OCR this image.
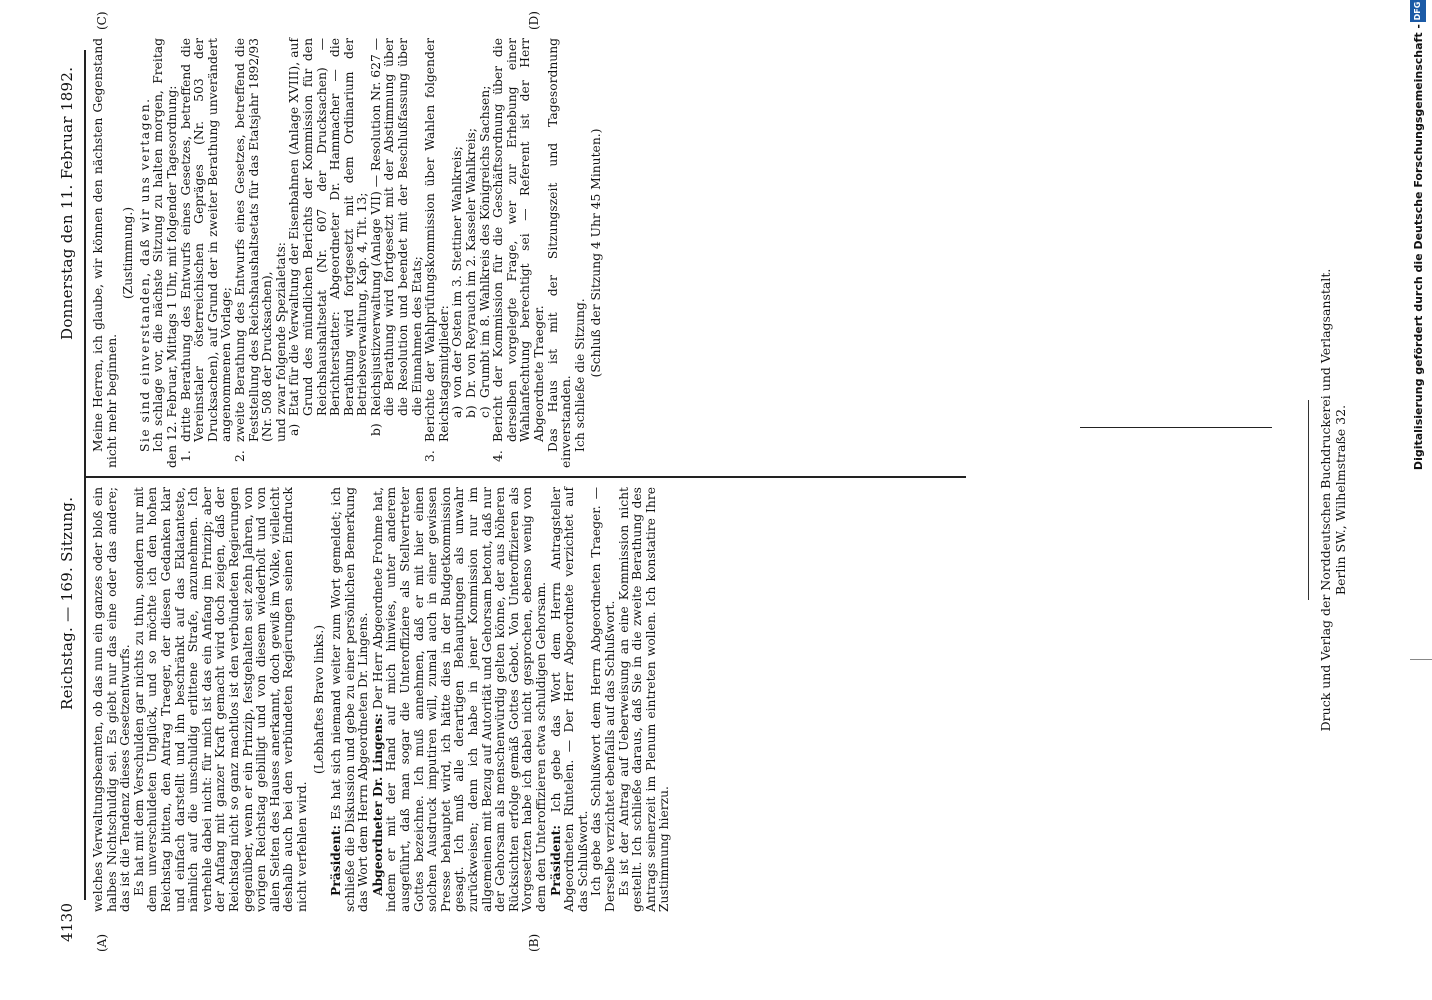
4130
Reichstag. — 169. Sitzung.
Donnerstag den 11. Februar 1892.
(A)	(B)
(C)	(D)

welches Verwaltungsbeamten, ob das nun ein ganzes oder bloß ein halbes Nichtschuldig sei. Es giebt nur das eine oder das andere; das ist die Tendenz dieses Gesetzentwurfs. Es hat mit dem Verschulden gar nichts zu thun, sondern nur mit dem unverschuldeten Unglück, und so möchte ich den hohen Reichstag bitten, den Antrag Traeger, der diesen Gedanken klar und einfach darstellt und ihn beschränkt auf das Eklatanteste, nämlich auf die unschuldig erlittene Strafe, anzunehmen. Ich verhehle dabei nicht: für mich ist das ein Anfang im Prinzip; aber der Anfang mit ganzer Kraft gemacht wird doch zeigen, daß der Reichstag nicht so ganz machtlos ist den verbündeten Regierungen gegenüber, wenn er ein Prinzip, festgehalten seit zehn Jahren, von vorigen Reichstag gebilligt und von diesem wiederholt und von allen Seiten des Hauses anerkannt, doch gewiß im Volke, vielleicht deshalb auch bei den verbündeten Regierungen seinen Eindruck nicht verfehlen wird.

(Lebhaftes Bravo links.)

Präsident: Es hat sich niemand weiter zum Wort gemeldet; ich schließe die Diskussion und gebe zu einer persönlichen Bemerkung das Wort dem Herrn Abgeordneten Dr. Lingens. Abgeordneter Dr. Lingens: Der Herr Abgeordnete Frohme hat, indem er mit der Hand auf mich hinwies, unter anderem ausgeführt, daß man sogar die Unteroffiziere als Stellvertreter Gottes bezeichne. Ich muß annehmen, daß er mit hier einen solchen Ausdruck imputiren will, zumal auch in einer gewissen Presse behauptet wird, ich hätte dies in der Budgetkommission gesagt. Ich muß alle derartigen Behauptungen als unwahr zurückweisen; denn ich habe in jener Kommission nur im allgemeinen mit Bezug auf Autorität und Gehorsam betont, daß nur der Gehorsam als menschenwürdig gelten könne, der aus höheren Rücksichten erfolge gemäß Gottes Gebot. Von Unteroffizieren als Vorgesetzten habe ich dabei nicht gesprochen, ebenso wenig von dem den Unteroffizieren etwa schuldigen Gehorsam. Präsident: Ich gebe das Wort dem Herrn Antragsteller Abgeordneten Rintelen. — Der Herr Abgeordnete verzichtet auf das Schlußwort. Ich gebe das Schlußwort dem Herrn Abgeordneten Traeger. — Derselbe verzichtet ebenfalls auf das Schlußwort. Es ist der Antrag auf Ueberweisung an eine Kommission nicht gestellt. Ich schließe daraus, daß Sie in die zweite Berathung des Antrags seinerzeit im Plenum eintreten wollen. Ich konstatire Ihre Zustimmung hierzu.

Meine Herren, ich glaube, wir können den nächsten Gegenstand nicht mehr beginnen.

(Zustimmung.) Sie sind einverstanden, daß wir uns vertagen. Ich schlage vor, die nächste Sitzung zu halten morgen, Freitag den 12. Februar, Mittags 1 Uhr, mit folgender Tagesordnung: 1.
dritte Berathung des Entwurfs eines Gesetzes, betreffend die Vereinstaler österreichischen Gepräges (Nr. 503 der Drucksachen), auf Grund der in zweiter Berathung unverändert angenommenen Vorlage;

2.
zweite Berathung des Entwurfs eines Gesetzes, betreffend die Feststellung des Reichshaushaltsetats für das Etatsjahr 1892/93 (Nr. 508 der Drucksachen), und zwar folgende Spezialetats: a)
Etat für die Verwaltung der Eisenbahnen (Anlage XVIII), auf Grund des mündlichen Berichts der Kommission für den Reichshaushaltsetat (Nr. 607 der Drucksachen) — Berichterstatter: Abgeordneter Dr. Hammacher — die Berathung wird fortgesetzt mit dem Ordinarium der Betriebsverwaltung, Kap. 4, Tit. 13;

b)
Reichsjustizverwaltung (Anlage VII) — Resolution Nr. 627 — die Berathung wird fortgesetzt mit der Abstimmung über die Resolution und beendet mit der Beschlußfassung über die Einnahmen des Etats;

3.
Berichte der Wahlprüfungskommission über Wahlen folgender Reichstagsmitglieder: a)
von der Osten im 3. Stettiner Wahlkreis;

b)
Dr. von Reyrauch im 2. Kasseler Wahlkreis;

c)
Grumbt im 8. Wahlkreis des Königreichs Sachsen;

4.
Bericht der Kommission für die Geschäftsordnung über die derselben vorgelegte Frage, wer zur Erhebung einer Wahlanfechtung berechtigt sei — Referent ist der Herr Abgeordnete Traeger. Das Haus ist mit der Sitzungszeit und Tagesordnung einverstanden. Ich schließe die Sitzung. (Schluß der Sitzung 4 Uhr 45 Minuten.)

Druck und Verlag der Norddeutschen Buchdruckerei und Verlagsanstalt. Berlin SW., Wilhelmstraße 32.
Digitalisierung gefördert durch die Deutsche Forschungsgemeinschaft -
DFG
